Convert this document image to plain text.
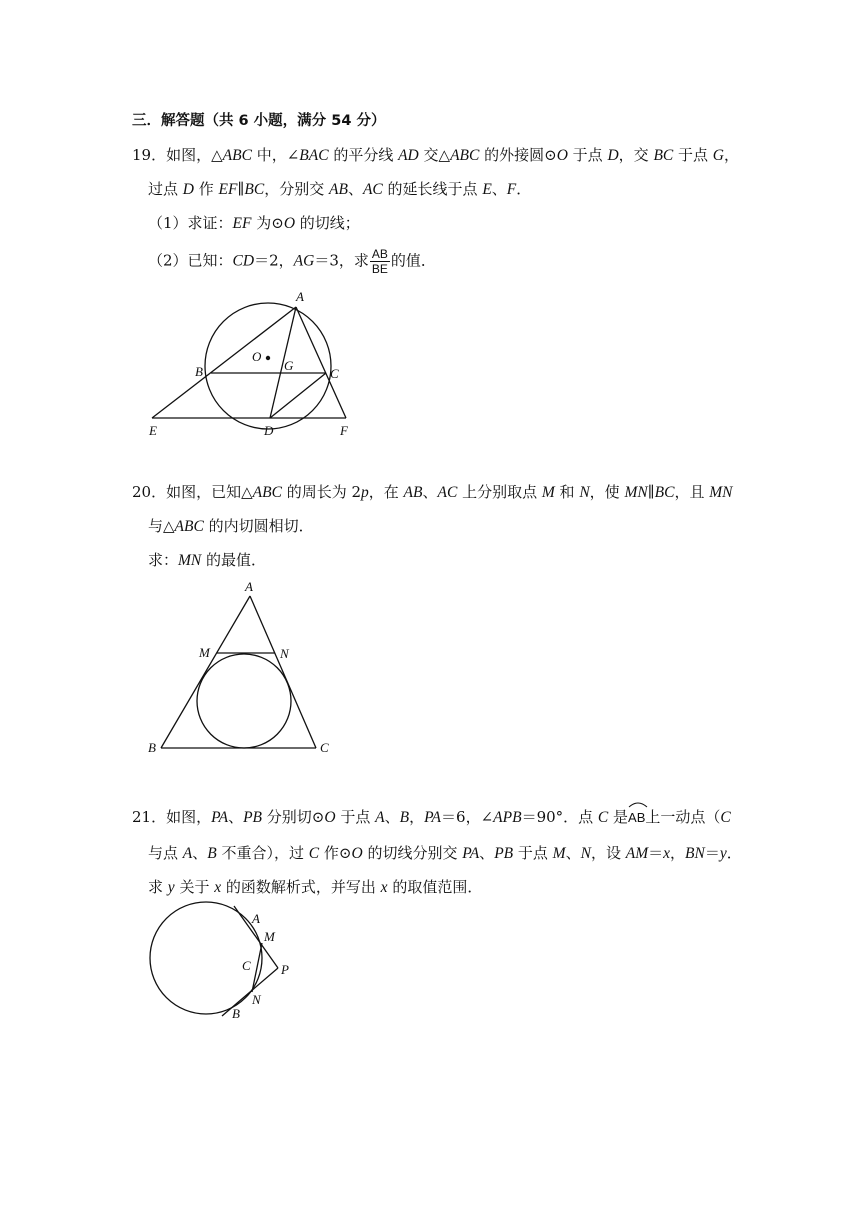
三．解答题（共 6 小题，满分 54 分）
19．如图，△ABC 中，∠BAC 的平分线 AD 交△ABC 的外接圆⊙O 于点 D，交 BC 于点 G，
过点 D 作 EF∥BC，分别交 AB、AC 的延长线于点 E、F．
（1）求证：EF 为⊙O 的切线；
（2）已知：CD＝2，AG＝3，求 $\frac{AB}{BE}$ 的值．
A
B	C
D
E	F
G
O
20．如图，已知△ABC 的周长为 2p，在 AB、AC 上分别取点 M 和 N，使 MN∥BC，且 MN
与△ABC 的内切圆相切．
求：MN 的最值．
A
M	N
B	C
21．如图，PA、PB 分别切⊙O 于点 A、B，PA＝6，∠APB＝90°．点 C 是
AB上一动点（C
与点 A、B 不重合），过 C 作⊙O 的切线分别交 PA、PB 于点 M、N，设 AM＝x，BN＝y．
求 y 关于 x 的函数解析式，并写出 x 的取值范围．
A
M
C P
N
B
